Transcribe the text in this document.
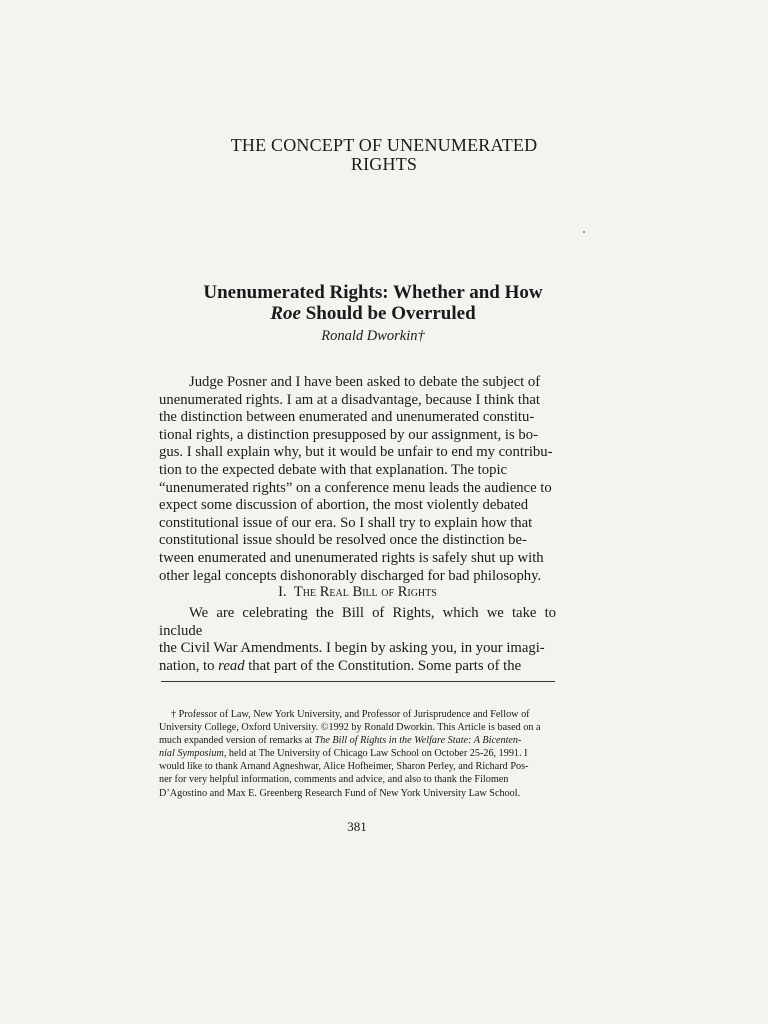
THE CONCEPT OF UNENUMERATED
RIGHTS
Unenumerated Rights: Whether and How
Roe Should be Overruled
Ronald Dworkin†
Judge Posner and I have been asked to debate the subject of
unenumerated rights. I am at a disadvantage, because I think that
the distinction between enumerated and unenumerated constitu-
tional rights, a distinction presupposed by our assignment, is bo-
gus. I shall explain why, but it would be unfair to end my contribu-
tion to the expected debate with that explanation. The topic
“unenumerated rights” on a conference menu leads the audience to
expect some discussion of abortion, the most violently debated
constitutional issue of our era. So I shall try to explain how that
constitutional issue should be resolved once the distinction be-
tween enumerated and unenumerated rights is safely shut up with
other legal concepts dishonorably discharged for bad philosophy.
I. The Real Bill of Rights
We are celebrating the Bill of Rights, which we take to include
the Civil War Amendments. I begin by asking you, in your imagi-
nation, to read that part of the Constitution. Some parts of the
† Professor of Law, New York University, and Professor of Jurisprudence and Fellow of
University College, Oxford University. ©1992 by Ronald Dworkin. This Article is based on a
much expanded version of remarks at The Bill of Rights in the Welfare State: A Bicenten-
nial Symposium, held at The University of Chicago Law School on October 25-26, 1991. I
would like to thank Arnand Agneshwar, Alice Hofheimer, Sharon Perley, and Richard Pos-
ner for very helpful information, comments and advice, and also to thank the Filomen
D’Agostino and Max E. Greenberg Research Fund of New York University Law School.
381
